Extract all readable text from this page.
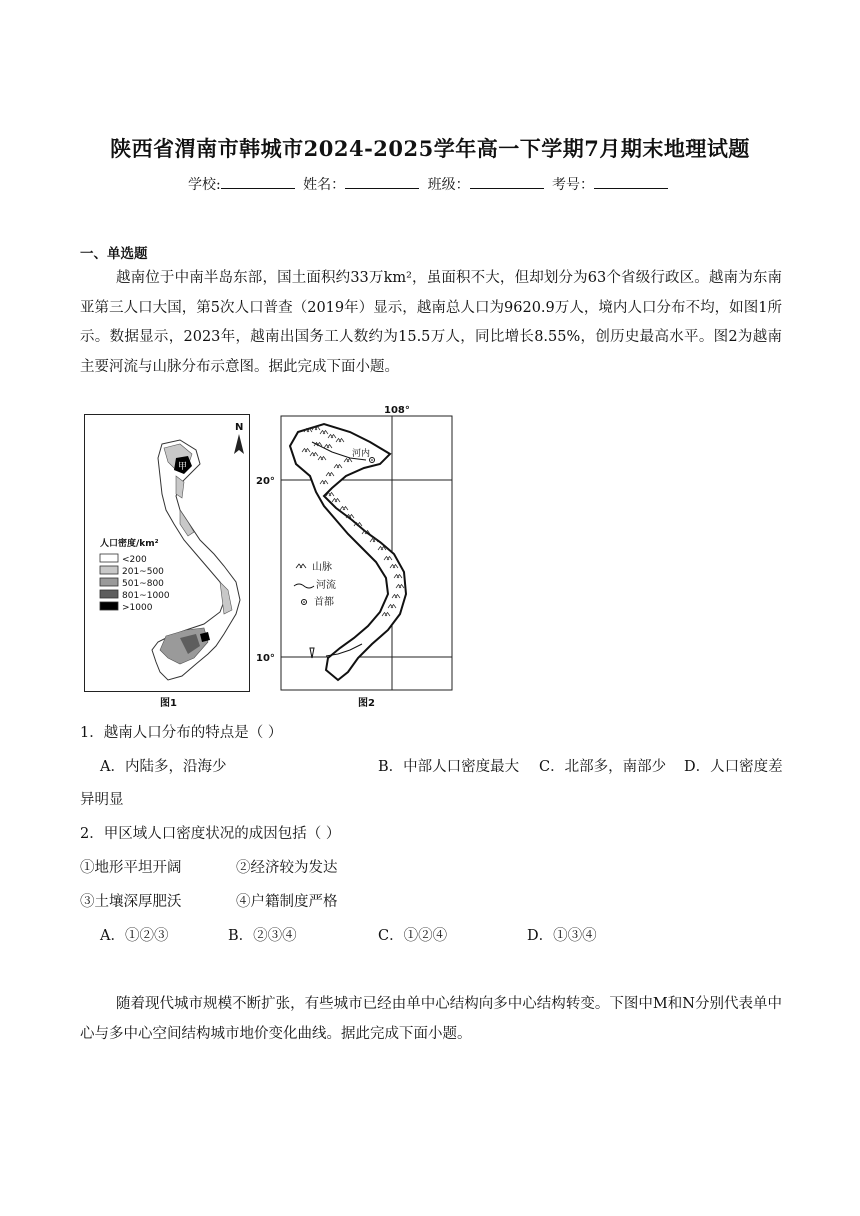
陕西省渭南市韩城市2024-2025学年高一下学期7月期末地理试题
学校:	姓名：	班级：	考号：
一、单选题
越南位于中南半岛东部，国土面积约33万km²，虽面积不大，但却划分为63个省级行政区。越南为东南亚第三人口大国，第5次人口普查（2019年）显示，越南总人口为9620.9万人，境内人口分布不均，如图1所示。数据显示，2023年，越南出国务工人数约为15.5万人，同比增长8.55%，创历史最高水平。图2为越南主要河流与山脉分布示意图。据此完成下面小题。
N
甲
人口密度/km²
<200
201~500
501~800
801~1000
>1000
图1
108°
20°
10°
河内
山脉
河流
首都
图2
1．越南人口分布的特点是（ ）
A．内陆多，沿海少	B．中部人口密度最大 C．北部多，南部少 D．人口密度差
异明显
2．甲区域人口密度状况的成因包括（ ）
①地形平坦开阔	②经济较为发达
③土壤深厚肥沃	④户籍制度严格
A．①②③	B．②③④	C．①②④	D．①③④
随着现代城市规模不断扩张，有些城市已经由单中心结构向多中心结构转变。下图中M和N分别代表单中心与多中心空间结构城市地价变化曲线。据此完成下面小题。
